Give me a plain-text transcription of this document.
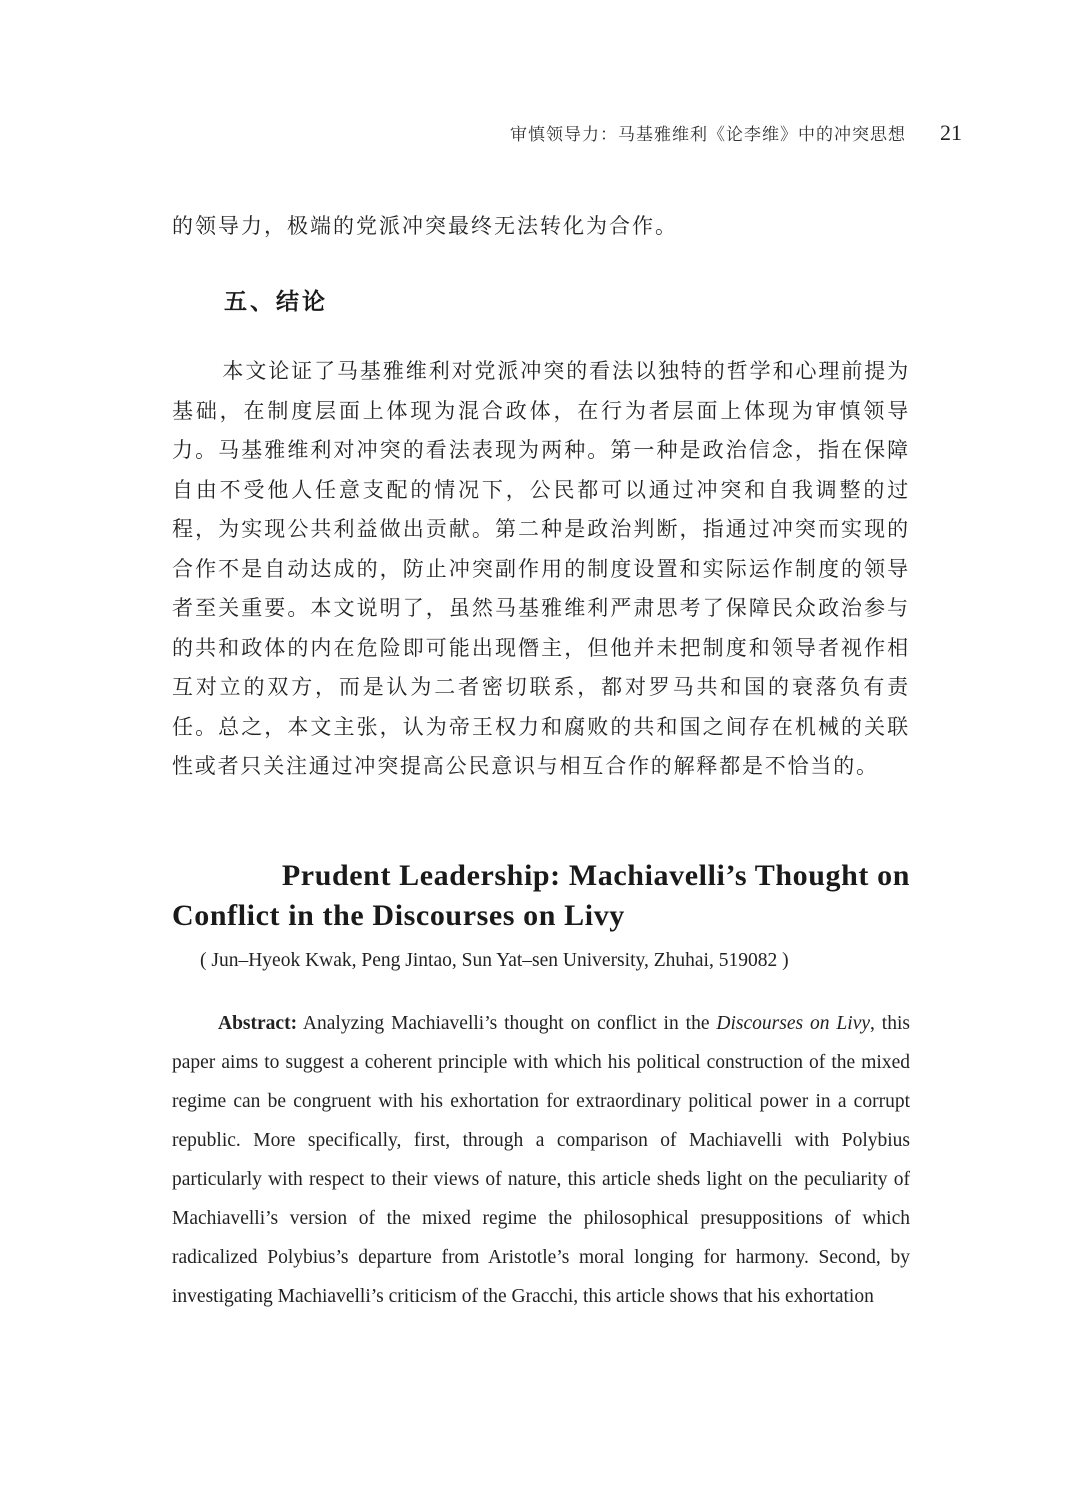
审慎领导力：马基雅维利《论李维》中的冲突思想 21
的领导力，极端的党派冲突最终无法转化为合作。
五、结论

本文论证了马基雅维利对党派冲突的看法以独特的哲学和心理前提为基础，在制度层面上体现为混合政体，在行为者层面上体现为审慎领导力。马基雅维利对冲突的看法表现为两种。第一种是政治信念，指在保障自由不受他人任意支配的情况下，公民都可以通过冲突和自我调整的过程，为实现公共利益做出贡献。第二种是政治判断，指通过冲突而实现的合作不是自动达成的，防止冲突副作用的制度设置和实际运作制度的领导者至关重要。本文说明了，虽然马基雅维利严肃思考了保障民众政治参与的共和政体的内在危险即可能出现僭主，但他并未把制度和领导者视作相互对立的双方，而是认为二者密切联系，都对罗马共和国的衰落负有责任。总之，本文主张，认为帝王权力和腐败的共和国之间存在机械的关联性或者只关注通过冲突提高公民意识与相互合作的解释都是不恰当的。

Prudent Leadership: Machiavelli’s Thought on
Conflict in the Discourses on Livy
( Jun–Hyeok Kwak, Peng Jintao, Sun Yat–sen University, Zhuhai, 519082 )

Abstract: Analyzing Machiavelli’s thought on conflict in the Discourses on Livy, this paper aims to suggest a coherent principle with which his political construction of the mixed regime can be congruent with his exhortation for extraordinary political power in a corrupt republic. More specifically, first, through a comparison of Machiavelli with Polybius particularly with respect to their views of nature, this article sheds light on the peculiarity of Machiavelli’s version of the mixed regime the philosophical presuppositions of which radicalized Polybius’s departure from Aristotle’s moral longing for harmony. Second, by investigating Machiavelli’s criticism of the Gracchi, this article shows that his exhortation
